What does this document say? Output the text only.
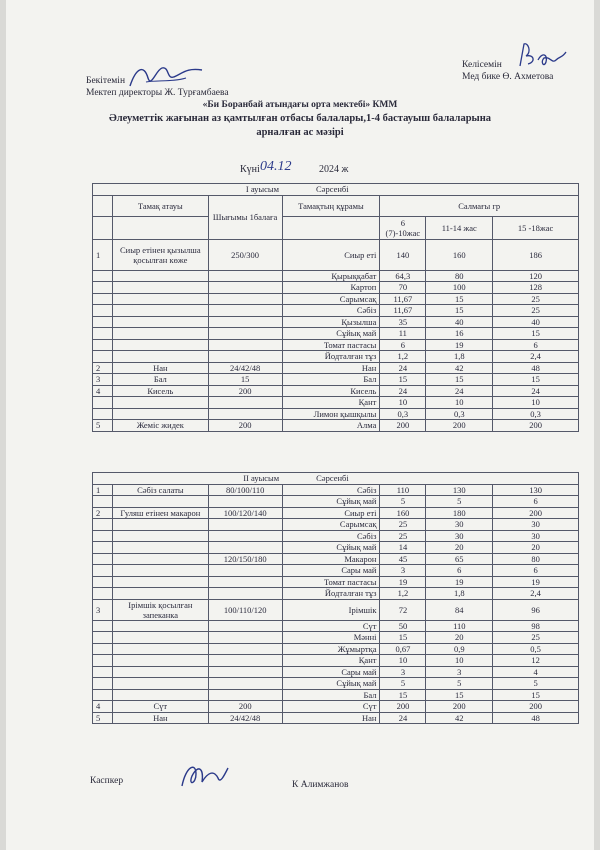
Бекітемін
Мектеп директоры Ж. Турғамбаева
Келісемін
Мед бике Ө. Ахметова
«Би Боранбай атындағы орта мектебі» КММ
Әлеуметтік жағынан аз қамтылған отбасы балалары,1-4 бастауыш балаларына
арналған ас мәзірі
Күні 04.12	2024 ж
I ауысым			Сәрсенбі			
	Тамақ атауы	Шығымы 1балаға	Тамақтың құрамы	Салмағы гр		
				6 (7)-10жас	11-14 жас	15 -18жас
1	Сиыр етінен қызылша қосылған көже	250/300	Сиыр еті	140	160	186
			Қырыққабат	64,3	80	120
			Картоп	70	100	128
			Сарымсақ	11,67	15	25
			Сәбіз	11,67	15	25
			Қызылша	35	40	40
			Сұйық май	11	16	15
			Томат пастасы	6	19	6
			Йодталған тұз	1,2	1,8	2,4
2	Нан	24/42/48	Нан	24	42	48
3	Бал	15	Бал	15	15	15
4	Кисель	200	Кисель	24	24	24
			Қант	10	10	10
			Лимон қышқылы	0,3	0,3	0,3
5	Жеміс жидек	200	Алма	200	200	200
II ауысым			Сәрсенбі			
1	Сәбіз салаты	80/100/110	Сәбіз	110	130	130
			Сұйық май	5	5	6
2	Гуляш етінен макарон	100/120/140	Сиыр еті	160	180	200
			Сарымсақ	25	30	30
			Сәбіз	25	30	30
			Сұйық май	14	20	20
		120/150/180	Макарон	45	65	80
			Сары май	3	6	6
			Томат пастасы	19	19	19
			Йодталған тұз	1,2	1,8	2,4
3	Ірімшік қосылған запеканка	100/110/120	Ірімшік	72	84	96
			Сүт	50	110	98
			Мәнні	15	20	25
			Жұмыртқа	0,67	0,9	0,5
			Қант	10	10	12
			Сары май	3	3	4
			Сұйық май	5	5	5
			Бал	15	15	15
4	Сүт	200	Сүт	200	200	200
5	Нан	24/42/48	Нан	24	42	48
Каспкер	К Алимжанов
